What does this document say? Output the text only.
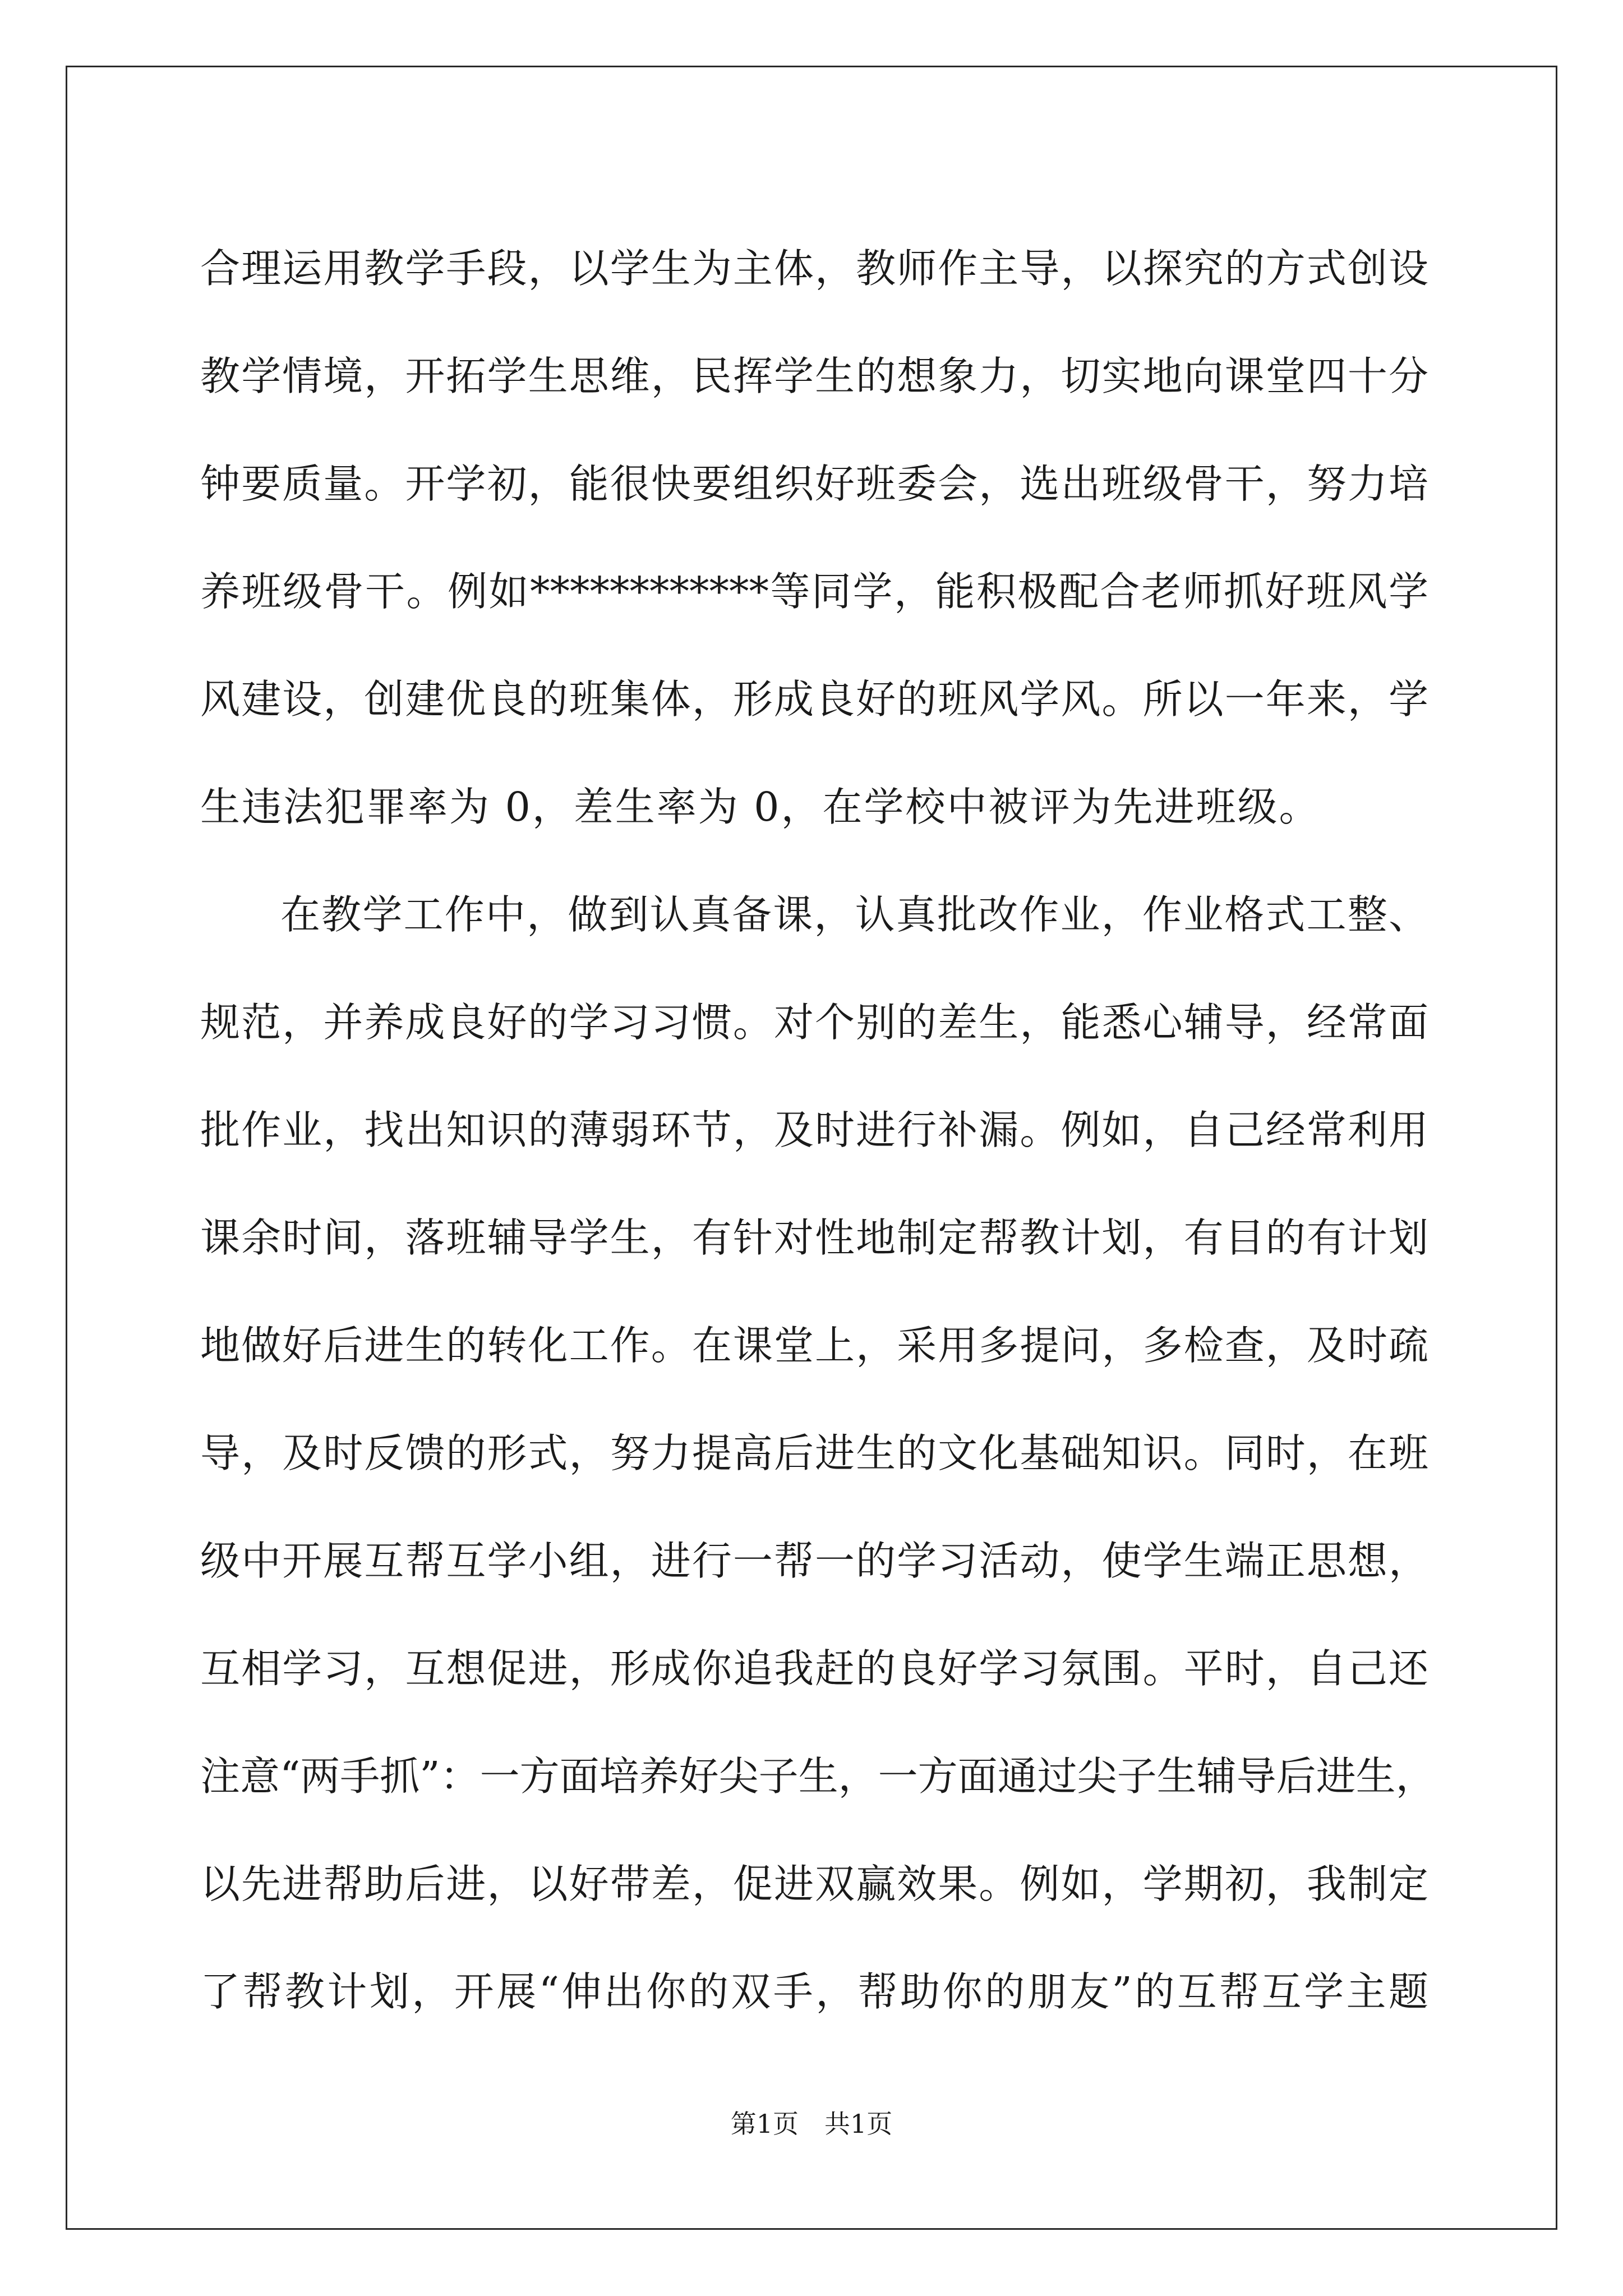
合理运用教学手段，以学生为主体，教师作主导，以探究的方式创设
教学情境，开拓学生思维，民挥学生的想象力，切实地向课堂四十分
钟要质量。开学初，能很快要组织好班委会，选出班级骨干，努力培
养班级骨干。例如************等同学，能积极配合老师抓好班风学
风建设，创建优良的班集体，形成良好的班风学风。所以一年来，学
生违法犯罪率为 0，差生率为 0，在学校中被评为先进班级。
在教学工作中，做到认真备课，认真批改作业，作业格式工整、
规范，并养成良好的学习习惯。对个别的差生，能悉心辅导，经常面
批作业，找出知识的薄弱环节，及时进行补漏。例如，自己经常利用
课余时间，落班辅导学生，有针对性地制定帮教计划，有目的有计划
地做好后进生的转化工作。在课堂上，采用多提问，多检查，及时疏
导，及时反馈的形式，努力提高后进生的文化基础知识。同时，在班
级中开展互帮互学小组，进行一帮一的学习活动，使学生端正思想，
互相学习，互想促进，形成你追我赶的良好学习氛围。平时，自己还
注意“两手抓”：一方面培养好尖子生，一方面通过尖子生辅导后进生，
以先进帮助后进，以好带差，促进双赢效果。例如，学期初，我制定
了帮教计划，开展“伸出你的双手，帮助你的朋友”的互帮互学主题
第1页　共1页
